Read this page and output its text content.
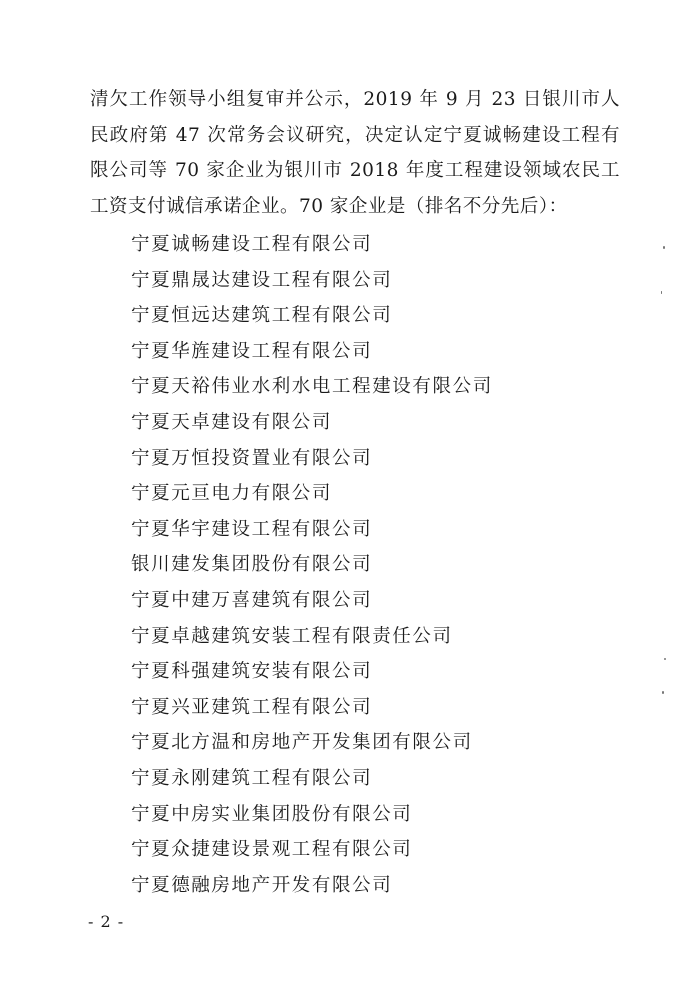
清欠工作领导小组复审并公示，2019 年 9 月 23 日银川市人民政府第 47 次常务会议研究，决定认定宁夏诚畅建设工程有限公司等 70 家企业为银川市 2018 年度工程建设领域农民工工资支付诚信承诺企业。70 家企业是（排名不分先后）：

宁夏诚畅建设工程有限公司
宁夏鼎晟达建设工程有限公司
宁夏恒远达建筑工程有限公司
宁夏华旌建设工程有限公司
宁夏天裕伟业水利水电工程建设有限公司
宁夏天卓建设有限公司
宁夏万恒投资置业有限公司
宁夏元亘电力有限公司
宁夏华宇建设工程有限公司
银川建发集团股份有限公司
宁夏中建万喜建筑有限公司
宁夏卓越建筑安装工程有限责任公司
宁夏科强建筑安装有限公司
宁夏兴亚建筑工程有限公司
宁夏北方温和房地产开发集团有限公司
宁夏永刚建筑工程有限公司
宁夏中房实业集团股份有限公司
宁夏众捷建设景观工程有限公司
宁夏德融房地产开发有限公司
- 2 -
